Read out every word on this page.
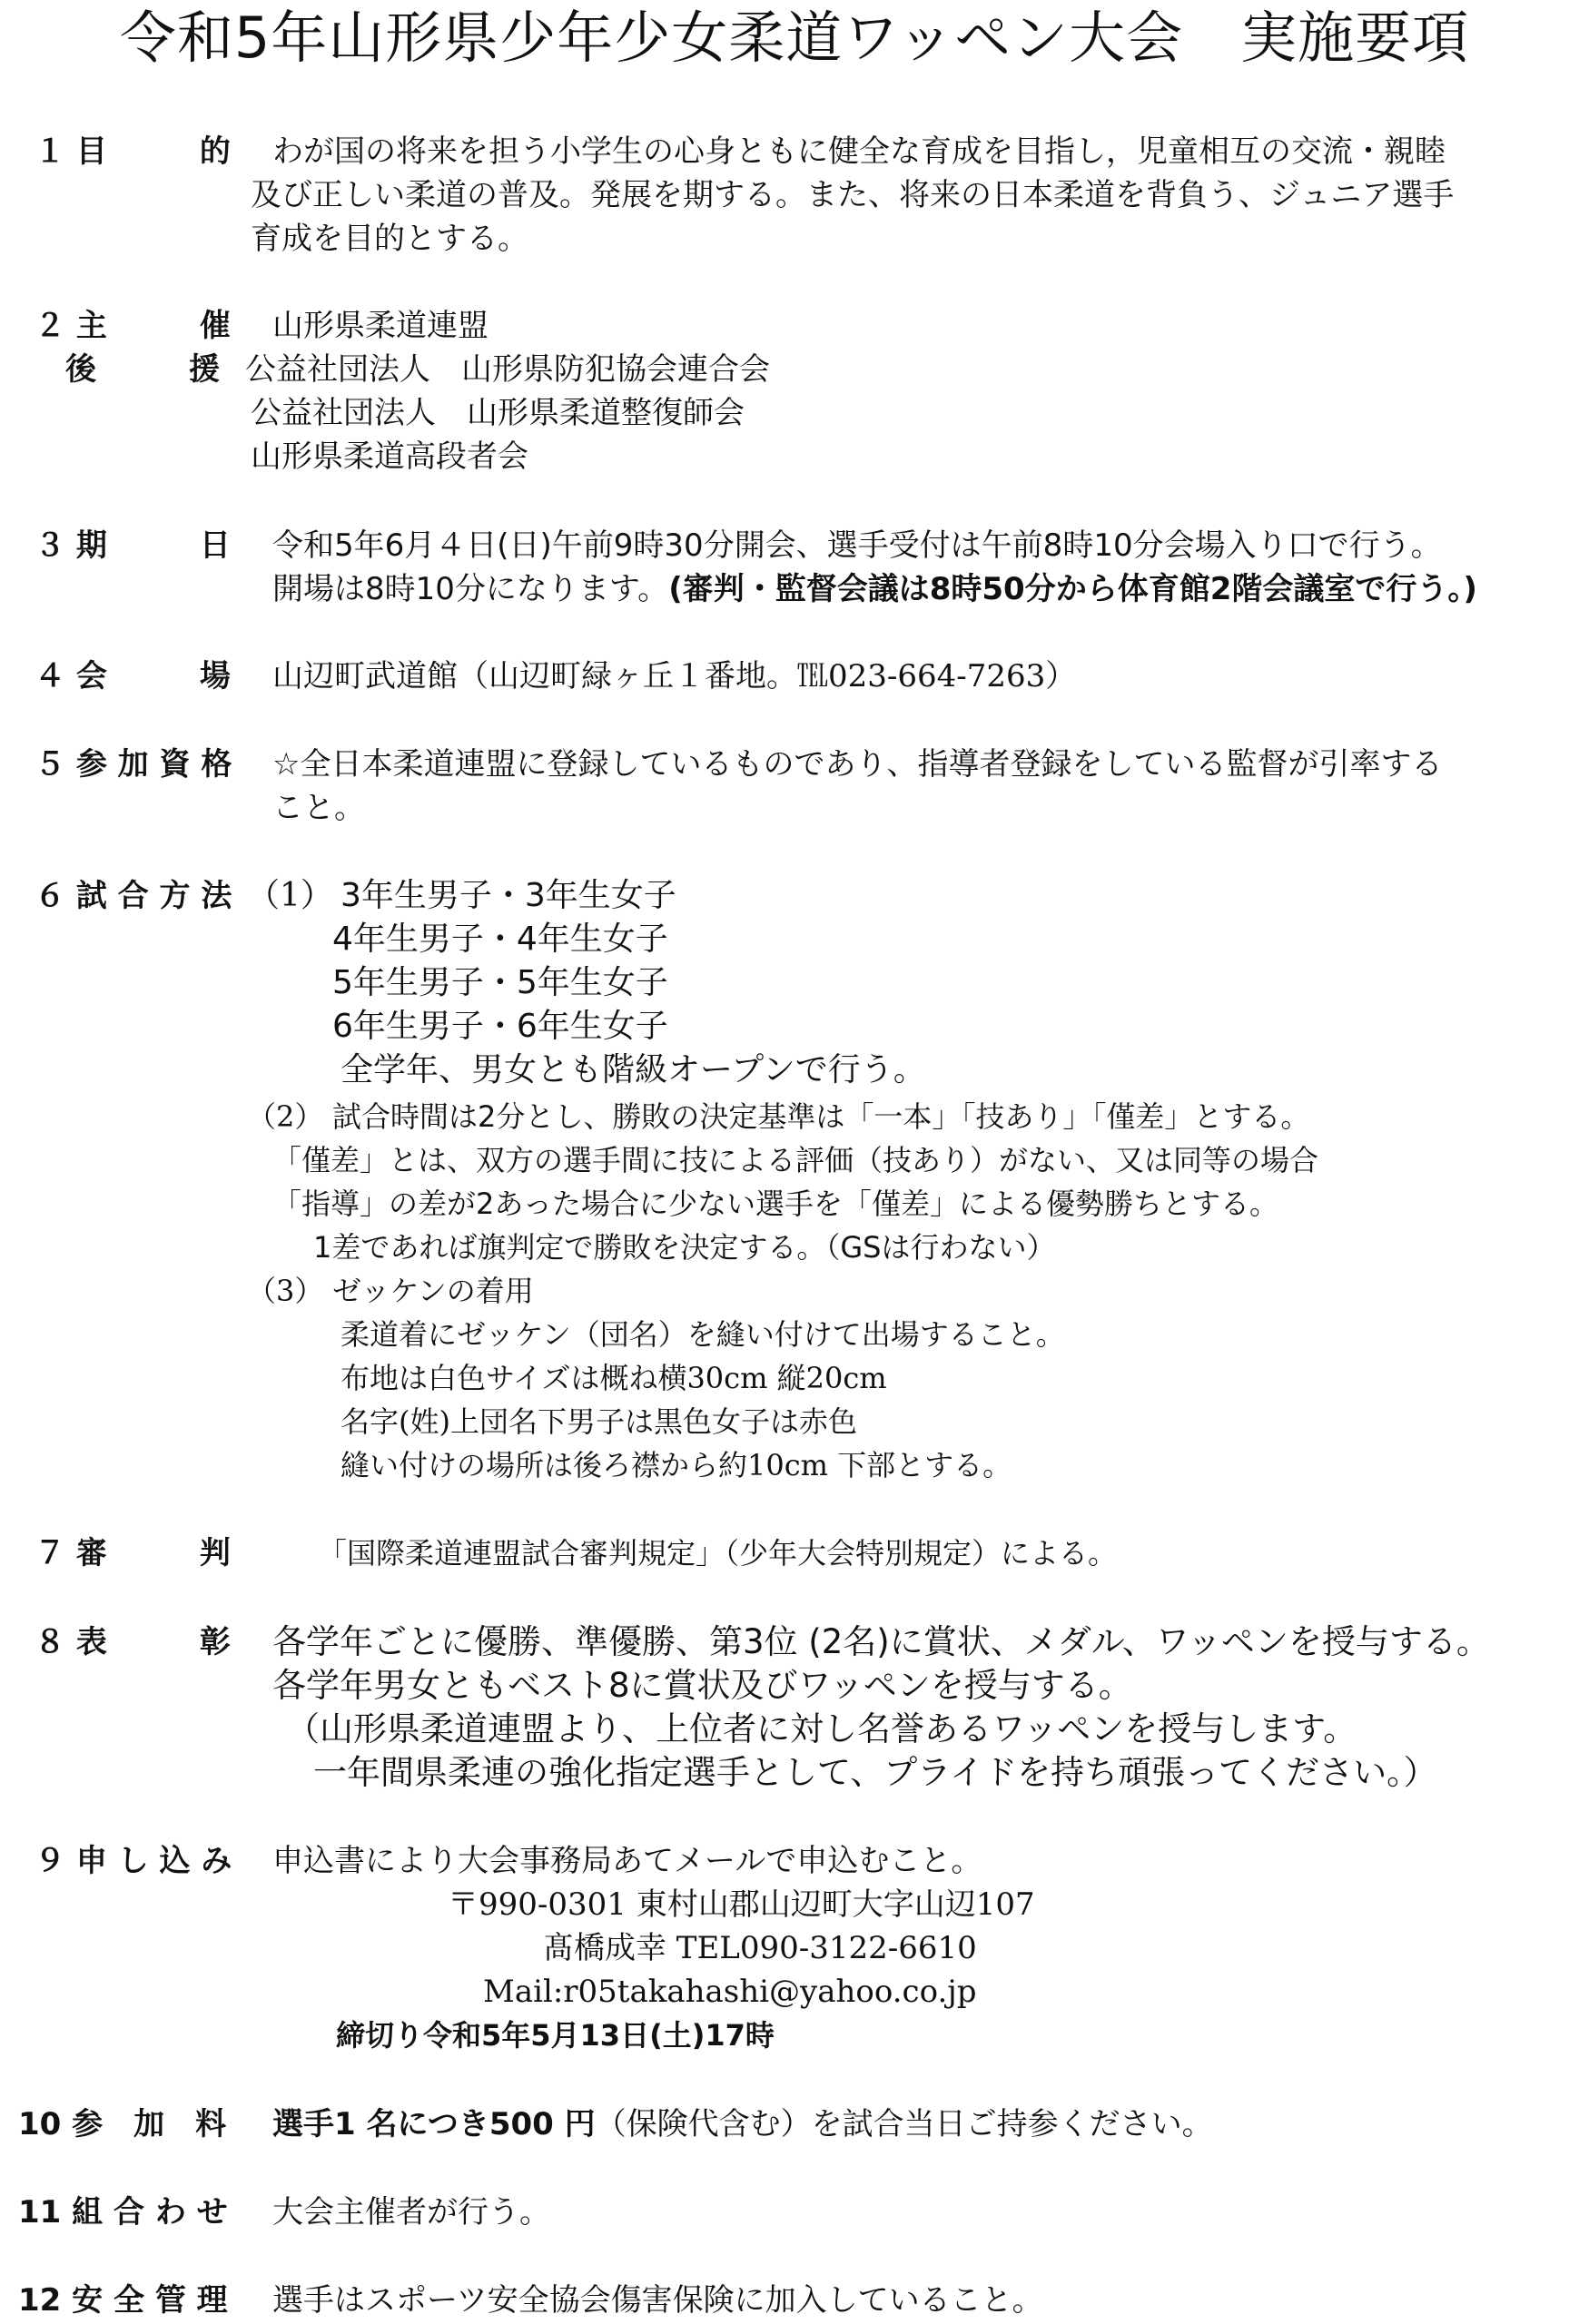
令和5年山形県少年少女柔道ワッペン大会　実施要項
１ 目　　　的 わが国の将来を担う小学生の心身ともに健全な育成を目指し，児童相互の交流・親睦
及び正しい柔道の普及。発展を期する。また、将来の日本柔道を背負う、ジュニア選手
育成を目的とする。
２ 主　　　催 山形県柔道連盟
後　　　援 公益社団法人　山形県防犯協会連合会
公益社団法人　山形県柔道整復師会
山形県柔道高段者会
３ 期　　　日 令和5年6月４日(日)午前9時30分開会、選手受付は午前8時10分会場入り口で行う。
開場は8時10分になります。(審判・監督会議は8時50分から体育館2階会議室で行う。)
４ 会　　　場 山辺町武道館（山辺町緑ヶ丘１番地。℡023-664-7263）
５ 参 加 資 格 ☆全日本柔道連盟に登録しているものであり、指導者登録をしている監督が引率する
こと。
６ 試 合 方 法 （1） 3年生男子・3年生女子
4年生男子・4年生女子
5年生男子・5年生女子
6年生男子・6年生女子
全学年、男女とも階級オープンで行う。
（2） 試合時間は2分とし、勝敗の決定基準は「一本」「技あり」「僅差」とする。
「僅差」とは、双方の選手間に技による評価（技あり）がない、又は同等の場合
「指導」の差が2あった場合に少ない選手を「僅差」による優勢勝ちとする。
1差であれば旗判定で勝敗を決定する。（GSは行わない）
（3） ゼッケンの着用
柔道着にゼッケン（団名）を縫い付けて出場すること。
布地は白色サイズは概ね横30cm 縦20cm
名字(姓)上団名下男子は黒色女子は赤色
縫い付けの場所は後ろ襟から約10cm 下部とする。
７ 審　　　判	「国際柔道連盟試合審判規定」（少年大会特別規定）による。
８ 表　　　彰 各学年ごとに優勝、準優勝、第3位 (2名)に賞状、メダル、ワッペンを授与する。
各学年男女ともベスト8に賞状及びワッペンを授与する。
（山形県柔道連盟より、上位者に対し名誉あるワッペンを授与します。
一年間県柔連の強化指定選手として、プライドを持ち頑張ってください。）
９ 申 し 込 み 申込書により大会事務局あてメールで申込むこと。
〒990-0301 東村山郡山辺町大字山辺107
髙橋成幸 TEL090-3122-6610
Mail:r05takahashi@yahoo.co.jp
締切り令和5年5月13日(土)17時
10 参　加　料 選手1 名につき500 円（保険代含む）を試合当日ご持参ください。
11 組 合 わ せ 大会主催者が行う。
12 安 全 管 理 選手はスポーツ安全協会傷害保険に加入していること。
